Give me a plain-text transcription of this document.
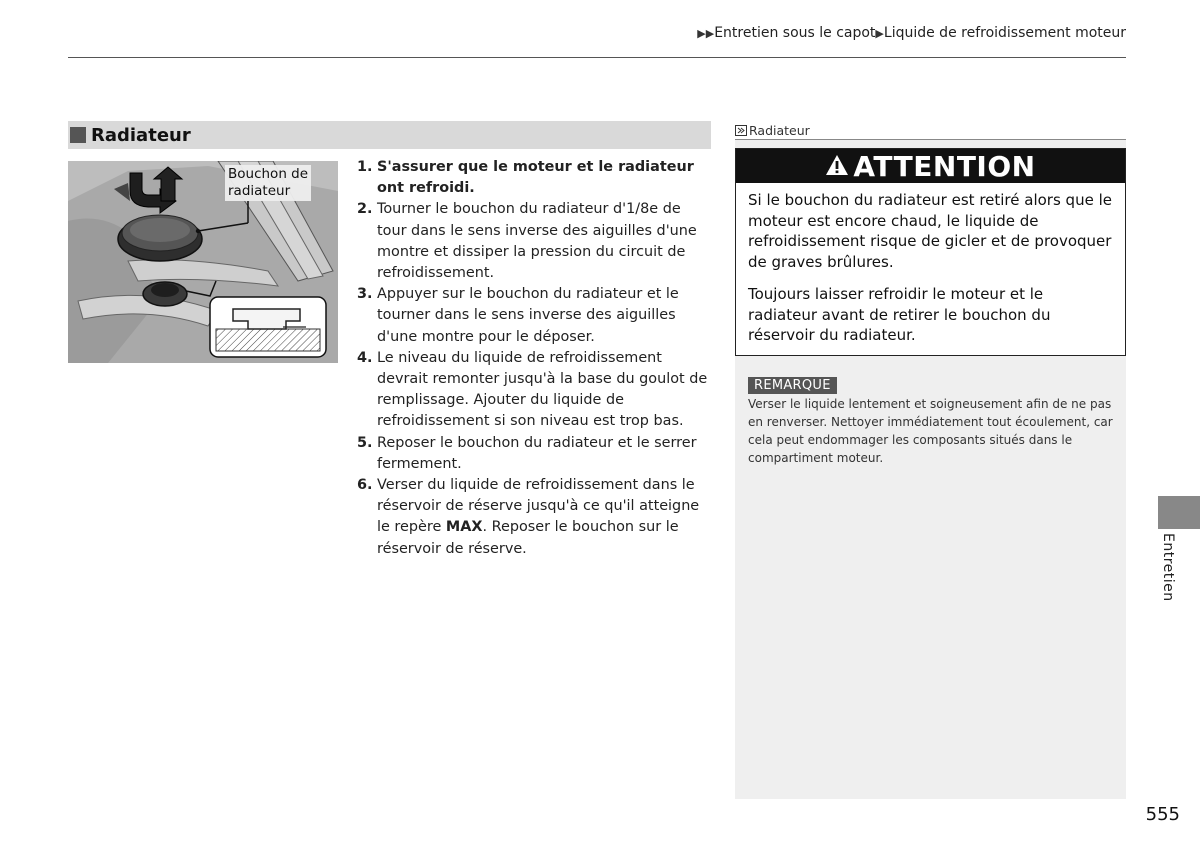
▶▶Entretien sous le capot▶Liquide de refroidissement moteur
Radiateur
Bouchon de
radiateur
1. S'assurer que le moteur et le radiateur ont refroidi.
2. Tourner le bouchon du radiateur d'1/8e de tour dans le sens inverse des aiguilles d'une montre et dissiper la pression du circuit de refroidissement.
3. Appuyer sur le bouchon du radiateur et le tourner dans le sens inverse des aiguilles d'une montre pour le déposer.
4. Le niveau du liquide de refroidissement devrait remonter jusqu'à la base du goulot de remplissage. Ajouter du liquide de refroidissement si son niveau est trop bas.
5. Reposer le bouchon du radiateur et le serrer fermement.
6. Verser du liquide de refroidissement dans le réservoir de réserve jusqu'à ce qu'il atteigne le repère MAX. Reposer le bouchon sur le réservoir de réserve.
Radiateur
ATTENTION

Si le bouchon du radiateur est retiré alors que le moteur est encore chaud, le liquide de refroidissement risque de gicler et de provoquer de graves brûlures.

Toujours laisser refroidir le moteur et le radiateur avant de retirer le bouchon du réservoir du radiateur.

REMARQUE
Verser le liquide lentement et soigneusement afin de ne pas en renverser. Nettoyer immédiatement tout écoulement, car cela peut endommager les composants situés dans le compartiment moteur.
Entretien
555
